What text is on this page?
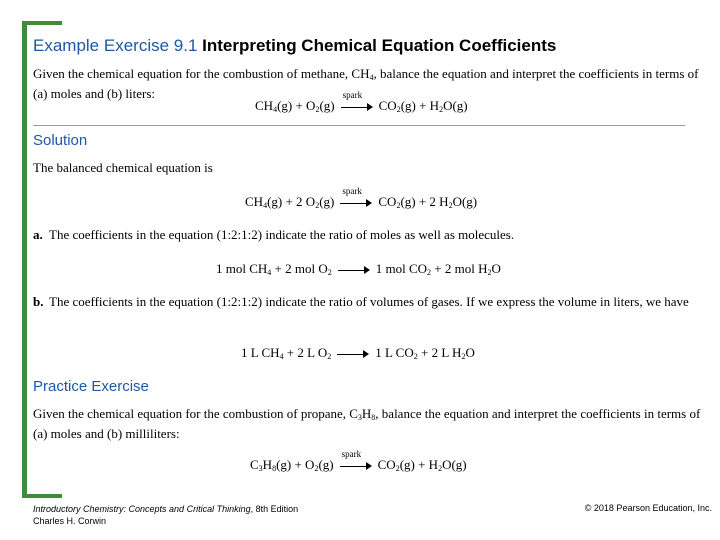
Example Exercise 9.1 Interpreting Chemical Equation Coefficients
Given the chemical equation for the combustion of methane, $CH_4$, balance the equation and interpret the coefficients in terms of (a) moles and (b) liters:
$CH_4(g) + O_2(g)$
spark
$CO_2(g) + H_2O(g)$
Solution
The balanced chemical equation is
$CH_4(g) + 2$ $O_2(g)$
spark
$CO_2(g) + 2$ $H_2O(g)$
a. The coefficients in the equation (1:2:1:2) indicate the ratio of moles as well as molecules.
1 mol $CH_4 + 2$ mol $O_2$	1 mol $CO_2 + 2$ mol $H_2O$
b. The coefficients in the equation (1:2:1:2) indicate the ratio of volumes of gases. If we express the volume in liters, we have
1 L $CH_4 + 2$ L $O_2$	1 L $CO_2 + 2$ L $H_2O$
Practice Exercise
Given the chemical equation for the combustion of propane, $C_3H_8$, balance the equation and interpret the coefficients in terms of (a) moles and (b) milliliters:
$C_3H_8(g) + O_2(g)$
spark
$CO_2(g) + H_2O(g)$
Introductory Chemistry: Concepts and Critical Thinking, 8th Edition
Charles H. Corwin
© 2018 Pearson Education, Inc.
